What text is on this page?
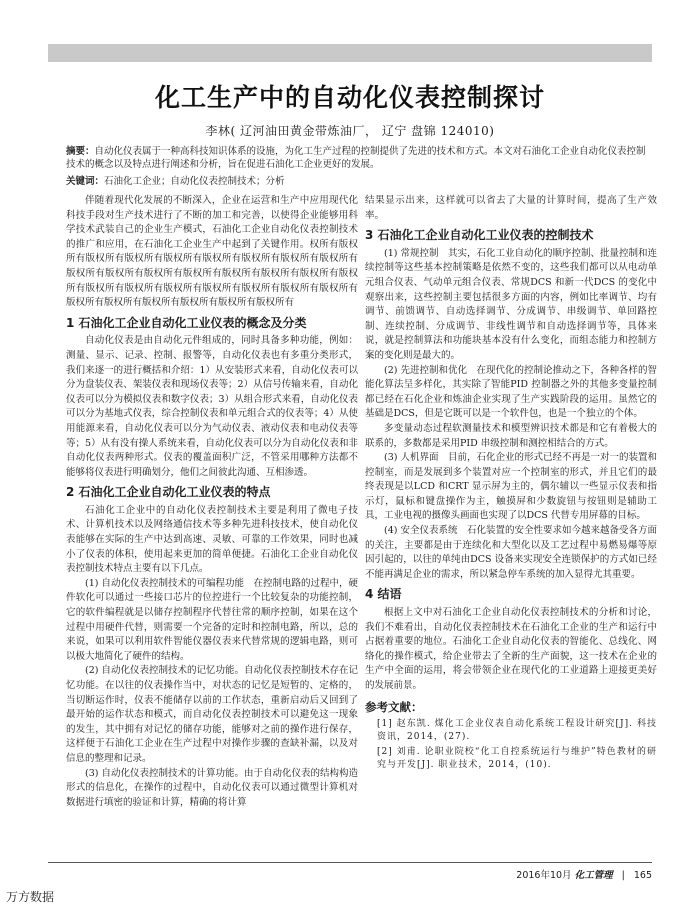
化工生产中的自动化仪表控制探讨

李林( 辽河油田黄金带炼油厂， 辽宁 盘锦 124010)

摘要：自动化仪表属于一种高科技知识体系的设施，为化工生产过程的控制提供了先进的技术和方式。本文对石油化工企业自动化仪表控制技术的概念以及特点进行阐述和分析，旨在促进石油化工企业更好的发展。

关键词：石油化工企业；自动化仪表控制技术；分析

伴随着现代化发展的不断深入，企业在运营和生产中应用现代化科技手段对生产技术进行了不断的加工和完善，以使得企业能够用科学技术武装自己的企业生产模式，石油化工企业自动化仪表控制技术的推广和应用，在石油化工企业生产中起到了关键作用。权所有版权所有版权所有版权所有版权所有版权所有版权所有版权所有版权所有版权所有版权所有版权所有版权所有版权所有版权所有版权所有版权所有版权所有版权所有版权所有版权所有版权所有版权所有版权所有版权所有版权所有版权所有版权所有版权所有版权所有

1 石油化工企业自动化工业仪表的概念及分类

自动化仪表是由自动化元件组成的，同时具备多种功能，例如：测量、显示、记录、控制、报警等，自动化仪表也有多重分类形式，我们来逐一的进行概括和介绍：1）从安装形式来看，自动化仪表可以分为盘装仪表、架装仪表和现场仪表等；2）从信号传输来看，自动化仪表可以分为模拟仪表和数字仪表；3）从组合形式来看，自动化仪表可以分为基地式仪表，综合控制仪表和单元组合式的仪表等；4）从使用能源来看，自动化仪表可以分为气动仪表、液动仪表和电动仪表等等；5）从有没有操人系统来看，自动化仪表可以分为自动化仪表和非自动化仪表两种形式。仪表的覆盖面积广泛，不管采用哪种方法都不能够将仪表进行明确划分，他们之间彼此沟通、互相渗透。

2 石油化工企业自动化工业仪表的特点

石油化工企业中的自动化仪表控制技术主要是利用了微电子技术、计算机技术以及网络通信技术等多种先进科技技术，使自动化仪表能够在实际的生产中达到高速、灵敏、可靠的工作效果，同时也减小了仪表的体积，使用起来更加的简单便捷。石油化工企业自动化仪表控制技术特点主要有以下几点。

(1) 自动化仪表控制技术的可编程功能　在控制电路的过程中，硬件软化可以通过一些接口芯片的位控进行一个比较复杂的功能控制，它的软件编程就是以储存控制程序代替往常的顺序控制，如果在这个过程中用硬件代替，则需要一个完备的定时和控制电路，所以，总的来说，如果可以利用软件智能仪器仪表来代替常规的逻辑电路，则可以极大地简化了硬件的结构。

(2) 自动化仪表控制技术的记忆功能。自动化仪表控制技术存在记忆功能。在以往的仪表操作当中，对状态的记忆是短暂的、定格的，当切断运作时，仪表不能储存以前的工作状态，重新启动后又回到了最开始的运作状态和模式，而自动化仪表控制技术可以避免这一现象的发生，其中拥有对记忆的储存功能，能够对之前的操作进行保存，这样便于石油化工企业在生产过程中对操作步骤的查缺补漏，以及对信息的整理和记录。

(3) 自动化仪表控制技术的计算功能。由于自动化仪表的结构构造形式的信息化，在操作的过程中，自动化仪表可以通过微型计算机对数据进行填密的验证和计算，精确的将计算

结果显示出来，这样就可以省去了大量的计算时间，提高了生产效率。

3 石油化工企业自动化工业仪表的控制技术

(1) 常规控制　其实，石化工业自动化的顺序控制、批量控制和连续控制等这些基本控制策略是依然不变的，这些我们都可以从电动单元组合仪表、气动单元组合仪表、常规DCS 和新一代DCS 的变化中观察出来，这些控制主要包括很多方面的内容，例如比率调节、均有调节、前馈调节、自动选择调节、分成调节、串级调节、单回路控制、连续控制、分成调节、非线性调节和自动选择调节等，具体来说，就是控制算法和功能块基本没有什么变化，而组态能力和控制方案的变化则是最大的。

(2) 先进控制和优化　在现代化的控制论推动之下，各种各样的智能化算法呈多样化，其实除了智能PID 控制器之外的其他多变量控制都已经在石化企业和炼油企业实现了生产实践阶段的运用。虽然它的基础是DCS，但是它既可以是一个软件包，也是一个独立的个体。

多变量动态过程软测量技术和模型辨识技术都是和它有着极大的联系的，多数都是采用PID 串级控制和测控相结合的方式。

(3) 人机界面　目前，石化企业的形式已经不再是一对一的装置和控制室，而是发展到多个装置对应一个控制室的形式，并且它们的最终表现是以LCD 和CRT 显示屏为主的，偶尔辅以一些显示仪表和指示灯，鼠标和键盘操作为主，触摸屏和少数旋钮与按钮则是辅助工具，工业电视的摄像头画面也实现了以DCS 代替专用屏幕的目标。

(4) 安全仪表系统　石化装置的安全性要求如今越来越备受各方面的关注，主要都是由于连续化和大型化以及工艺过程中易燃易爆等原因引起的，以往的单纯由DCS 设备来实现安全连锁保护的方式如已经不能再满足企业的需求，所以紧急停车系统的加入显得尤其重要。

4 结语

根据上文中对石油化工企业自动化仪表控制技术的分析和讨论，我们不难看出，自动化仪表控制技术在石油化工企业的生产和运行中占据着重要的地位。石油化工企业自动化仪表的智能化、总线化、网络化的操作模式，给企业带去了全新的生产面貌，这一技术在企业的生产中全面的运用，将会带领企业在现代化的工业道路上迎接更美好的发展前景。

参考文献：

[1] 赵东凯. 煤化工企业仪表自动化系统工程设计研究[J]. 科技资讯，2014，(27).

[2] 刘甫. 论职业院校“化工自控系统运行与维护”特色教材的研究与开发[J]. 职业技术，2014，(10).

2016年10月 化工管理 | 165
万方数据
